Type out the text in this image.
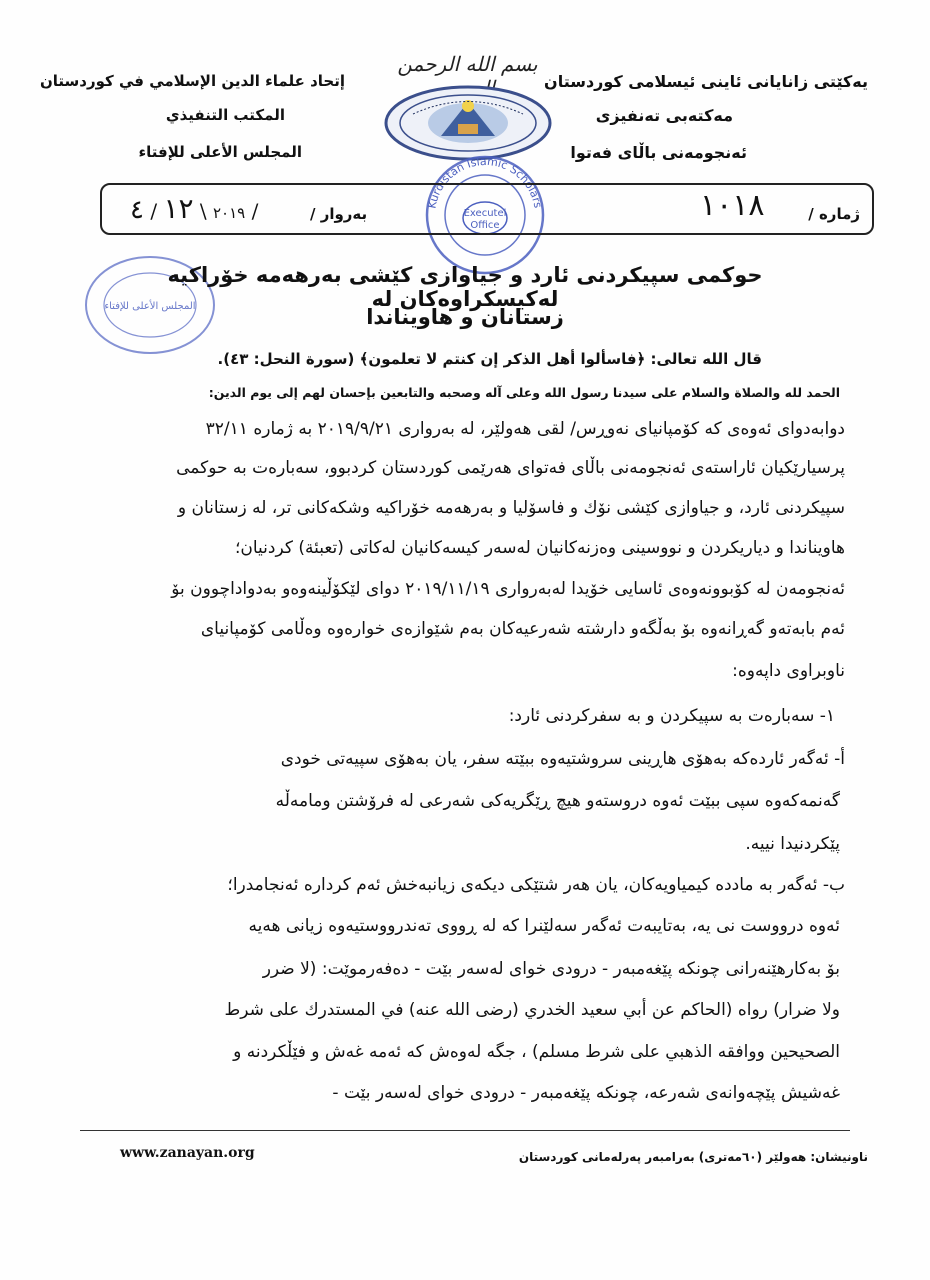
یەکێتی زانایانی ئاینی ئیسلامی کوردستان
مەکتەبی تەنفیزی
ئەنجومەنی باڵای فەتوا
إتحاد علماء الدين الإسلامي في كوردستان
المكتب التنفيذي
المجلس الأعلى للإفتاء
بسم الله الرحمن
Executel
Office
Kurdistan Islamic Scholars
المجلس الأعلى للإفتاء
ژمارە /
١٠١٨
بەروار /
٢٠١٩ \ ١٢ / ٤	/
حوکمی سپیکردنی ئارد و جیاوازی کێشی بەرهەمە خۆراکیە لەکیسکراوەکان لە
زستانان و هاویناندا
قال الله تعالى: ﴿فاسألوا أهل الذكر إن كنتم لا تعلمون﴾ (سورة النحل: ٤٣).
الحمد لله والصلاة والسلام على سيدنا رسول الله وعلى آله وصحبه والتابعين بإحسان لهم إلى يوم الدين:
دوابەدوای ئەوەی کە کۆمپانیای نەوڕس/ لقی هەولێر، لە بەرواری ٢٠١٩/٩/٢١ بە ژمارە ٣٢/١١
پرسیارێکیان ئاراستەی ئەنجومەنی باڵای فەتوای هەرێمی کوردستان کردبوو، سەبارەت بە حوکمی
سپیکردنی ئارد، و جیاوازی کێشی نۆك و فاسۆلیا و بەرهەمە خۆراکیە وشکەکانی تر، لە زستانان و
هاویناندا و دیاریکردن و نووسینی وەزنەکانیان لەسەر کیسەکانیان لەکاتی (تعبئة) کردنیان؛
ئەنجومەن لە کۆبوونەوەی ئاسایی خۆیدا لەبەرواری ٢٠١٩/١١/١٩ دوای لێکۆڵینەوەو بەدواداچوون بۆ
ئەم بابەتەو گەڕانەوە بۆ بەڵگەو دارشتە شەرعیەکان بەم شێوازەی خوارەوە وەڵامی کۆمپانیای
ناوبراوی داپەوە:
١- سەبارەت بە سپیکردن و بە سفرکردنی ئارد:
أ- ئەگەر ئاردەکە بەهۆی هاڕینی سروشتیەوە ببێتە سفر، یان بەهۆی سپیەتی خودی
گەنمەکەوە سپی ببێت ئەوە دروستەو هیچ ڕێگریەکی شەرعی لە فرۆشتن ومامەڵە
پێکردنیدا نییە.
ب- ئەگەر بە مادده کیمیاویەکان، یان هەر شتێکی دیکەی زیانبەخش ئەم کردارە ئەنجامدرا؛
ئەوە درووست نی یە، بەتایبەت ئەگەر سەلێنرا کە لە ڕووی تەندرووستیەوە زیانی هەیە
بۆ بەکارهێنەرانی چونکە پێغەمبەر - درودی خوای لەسەر بێت - دەفەرموێت: (لا ضرر
ولا ضرار) رواه (الحاكم عن أبي سعيد الخدري (رضى الله عنه) في المستدرك على شرط
الصحيحين ووافقه الذهبي على شرط مسلم) ، جگە لەوەش کە ئەمە غەش و فێڵکردنە و
غەشیش پێچەوانەی شەرعە، چونکە پێغەمبەر - درودی خوای لەسەر بێت -
www.zanayan.org	ناونیشان: هەولێر (٦٠مەتری) بەرامبەر پەرلەمانی کوردستان
